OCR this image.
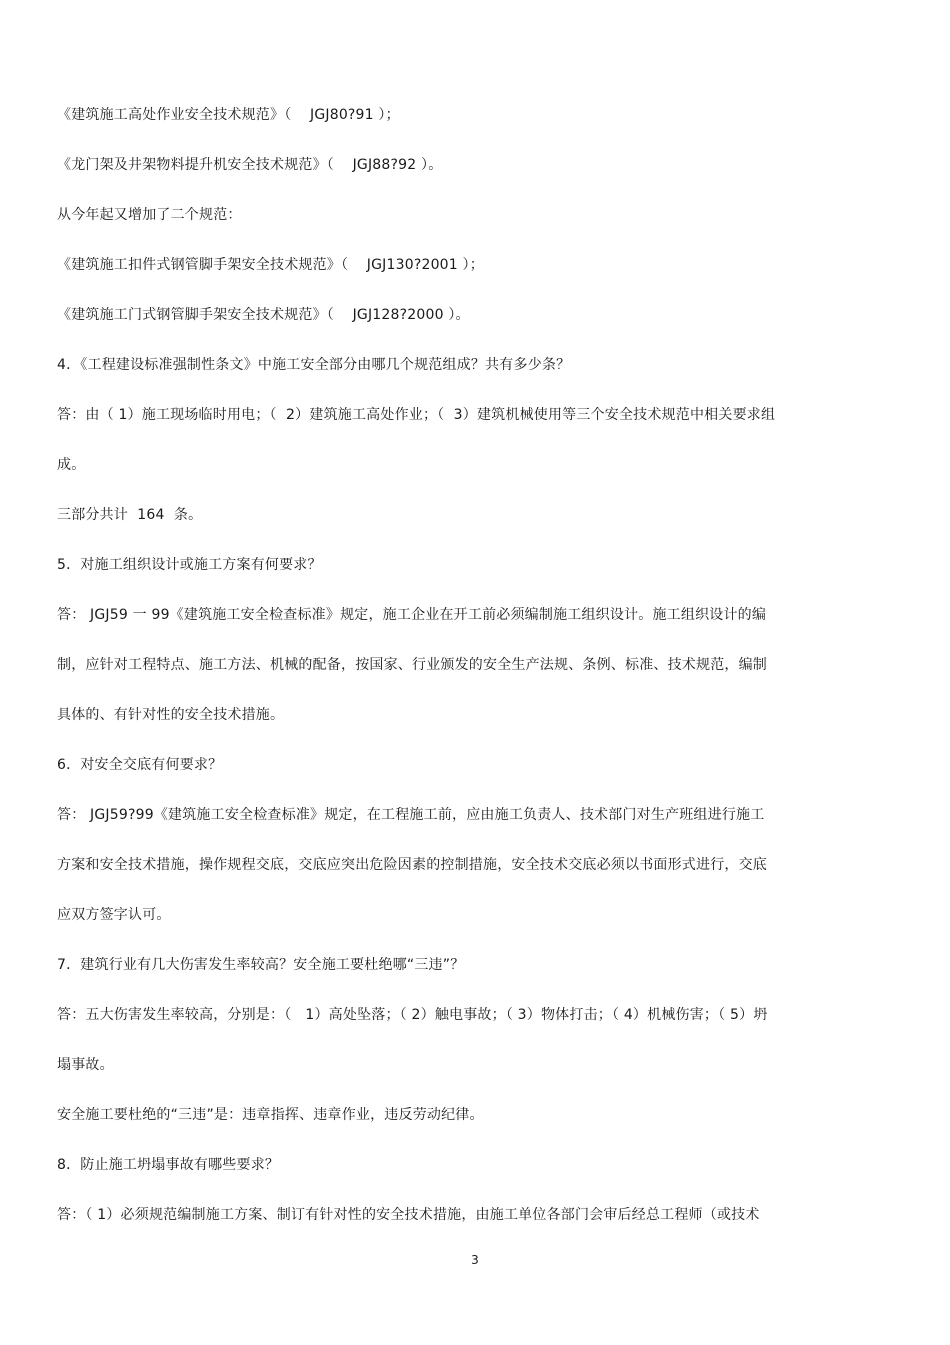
《建筑施工高处作业安全技术规范》（    JGJ80?91 ）；
《龙门架及井架物料提升机安全技术规范》（    JGJ88?92 ）。
从今年起又增加了二个规范：
《建筑施工扣件式钢管脚手架安全技术规范》（    JGJ130?2001 ）；
《建筑施工门式钢管脚手架安全技术规范》（    JGJ128?2000 ）。
4．《工程建设标准强制性条文》中施工安全部分由哪几个规范组成？共有多少条？
答：由（ 1）施工现场临时用电；（  2）建筑施工高处作业；（  3）建筑机械使用等三个安全技术规范中相关要求组
成。
三部分共计  164  条。
5．对施工组织设计或施工方案有何要求？
答： JGJ59 一 99《建筑施工安全检查标准》规定，施工企业在开工前必须编制施工组织设计。施工组织设计的编
制，应针对工程特点、施工方法、机械的配备，按国家、行业颁发的安全生产法规、条例、标准、技术规范，编制
具体的、有针对性的安全技术措施。
6．对安全交底有何要求？
答： JGJ59?99《建筑施工安全检查标准》规定，在工程施工前，应由施工负责人、技术部门对生产班组进行施工
方案和安全技术措施，操作规程交底，交底应突出危险因素的控制措施，安全技术交底必须以书面形式进行，交底
应双方签字认可。
7．建筑行业有几大伤害发生率较高？安全施工要杜绝哪“三违”？
答：五大伤害发生率较高，分别是：（   1）高处坠落；（ 2）触电事故；（ 3）物体打击；（ 4）机械伤害；（ 5）坍
塌事故。
安全施工要杜绝的“三违”是：违章指挥、违章作业，违反劳动纪律。
8．防止施工坍塌事故有哪些要求？
答：（ 1）必须规范编制施工方案、制订有针对性的安全技术措施，由施工单位各部门会审后经总工程师（或技术
3
